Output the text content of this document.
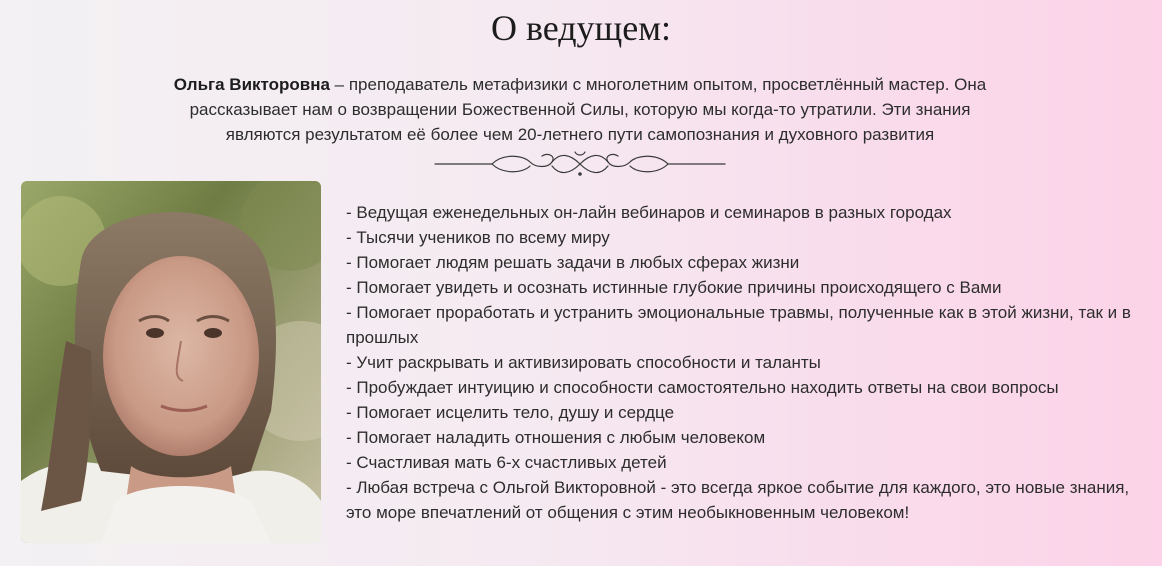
О ведущем:

Ольга Викторовна – преподаватель метафизики с многолетним опытом, просветлённый мастер. Она
рассказывает нам о возвращении Божественной Силы, которую мы когда-то утратили. Эти знания
являются результатом её более чем 20-летнего пути самопознания и духовного развития

- Ведущая еженедельных он-лайн вебинаров и семинаров в разных городах
- Тысячи учеников по всему миру
- Помогает людям решать задачи в любых сферах жизни
- Помогает увидеть и осознать истинные глубокие причины происходящего с Вами
- Помогает проработать и устранить эмоциональные травмы, полученные как в этой жизни, так и в прошлых
- Учит раскрывать и активизировать способности и таланты
- Пробуждает интуицию и способности самостоятельно находить ответы на свои вопросы
- Помогает исцелить тело, душу и сердце
- Помогает наладить отношения с любым человеком
- Счастливая мать 6-х счастливых детей
- Любая встреча с Ольгой Викторовной - это всегда яркое событие для каждого, это новые знания, это море впечатлений от общения с этим необыкновенным человеком!
